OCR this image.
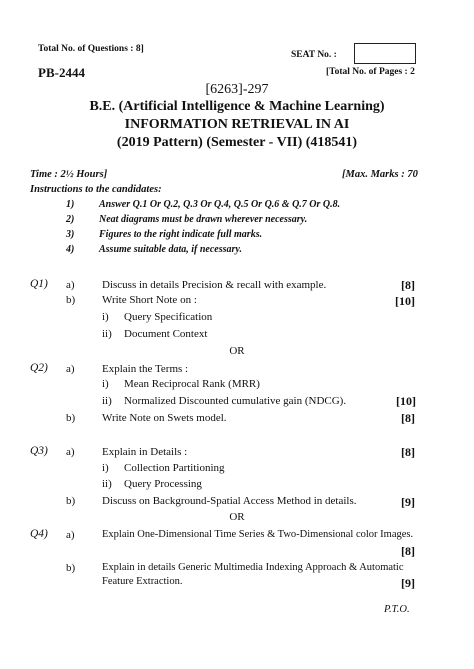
Total No. of Questions : 8]
SEAT No. :
PB-2444	[Total No. of Pages : 2
[6263]-297
B.E. (Artificial Intelligence & Machine Learning)
INFORMATION RETRIEVAL IN AI
(2019 Pattern) (Semester - VII) (418541)
Time : 2½ Hours]	[Max. Marks : 70
Instructions to the candidates:
1) Answer Q.1 Or Q.2, Q.3 Or Q.4, Q.5 Or Q.6 & Q.7 Or Q.8.
2) Neat diagrams must be drawn wherever necessary.
3) Figures to the right indicate full marks.
4) Assume suitable data, if necessary.
Q1) a) Discuss in details Precision & recall with example.	[8]
b) Write Short Note on :	[10]
i) Query Specification
ii) Document Context
OR
Q2) a) Explain the Terms :
i) Mean Reciprocal Rank (MRR)
ii) Normalized Discounted cumulative gain (NDCG).	[10]
b) Write Note on Swets model.	[8]
Q3) a) Explain in Details :	[8]
i) Collection Partitioning
ii) Query Processing
b) Discuss on Background-Spatial Access Method in details.	[9]
OR
Q4) a)	Explain One-Dimensional Time Series & Two-Dimensional color Images.
[8]
b)	Explain in details Generic Multimedia Indexing Approach & Automatic
Feature Extraction.	[9]
P.T.O.
